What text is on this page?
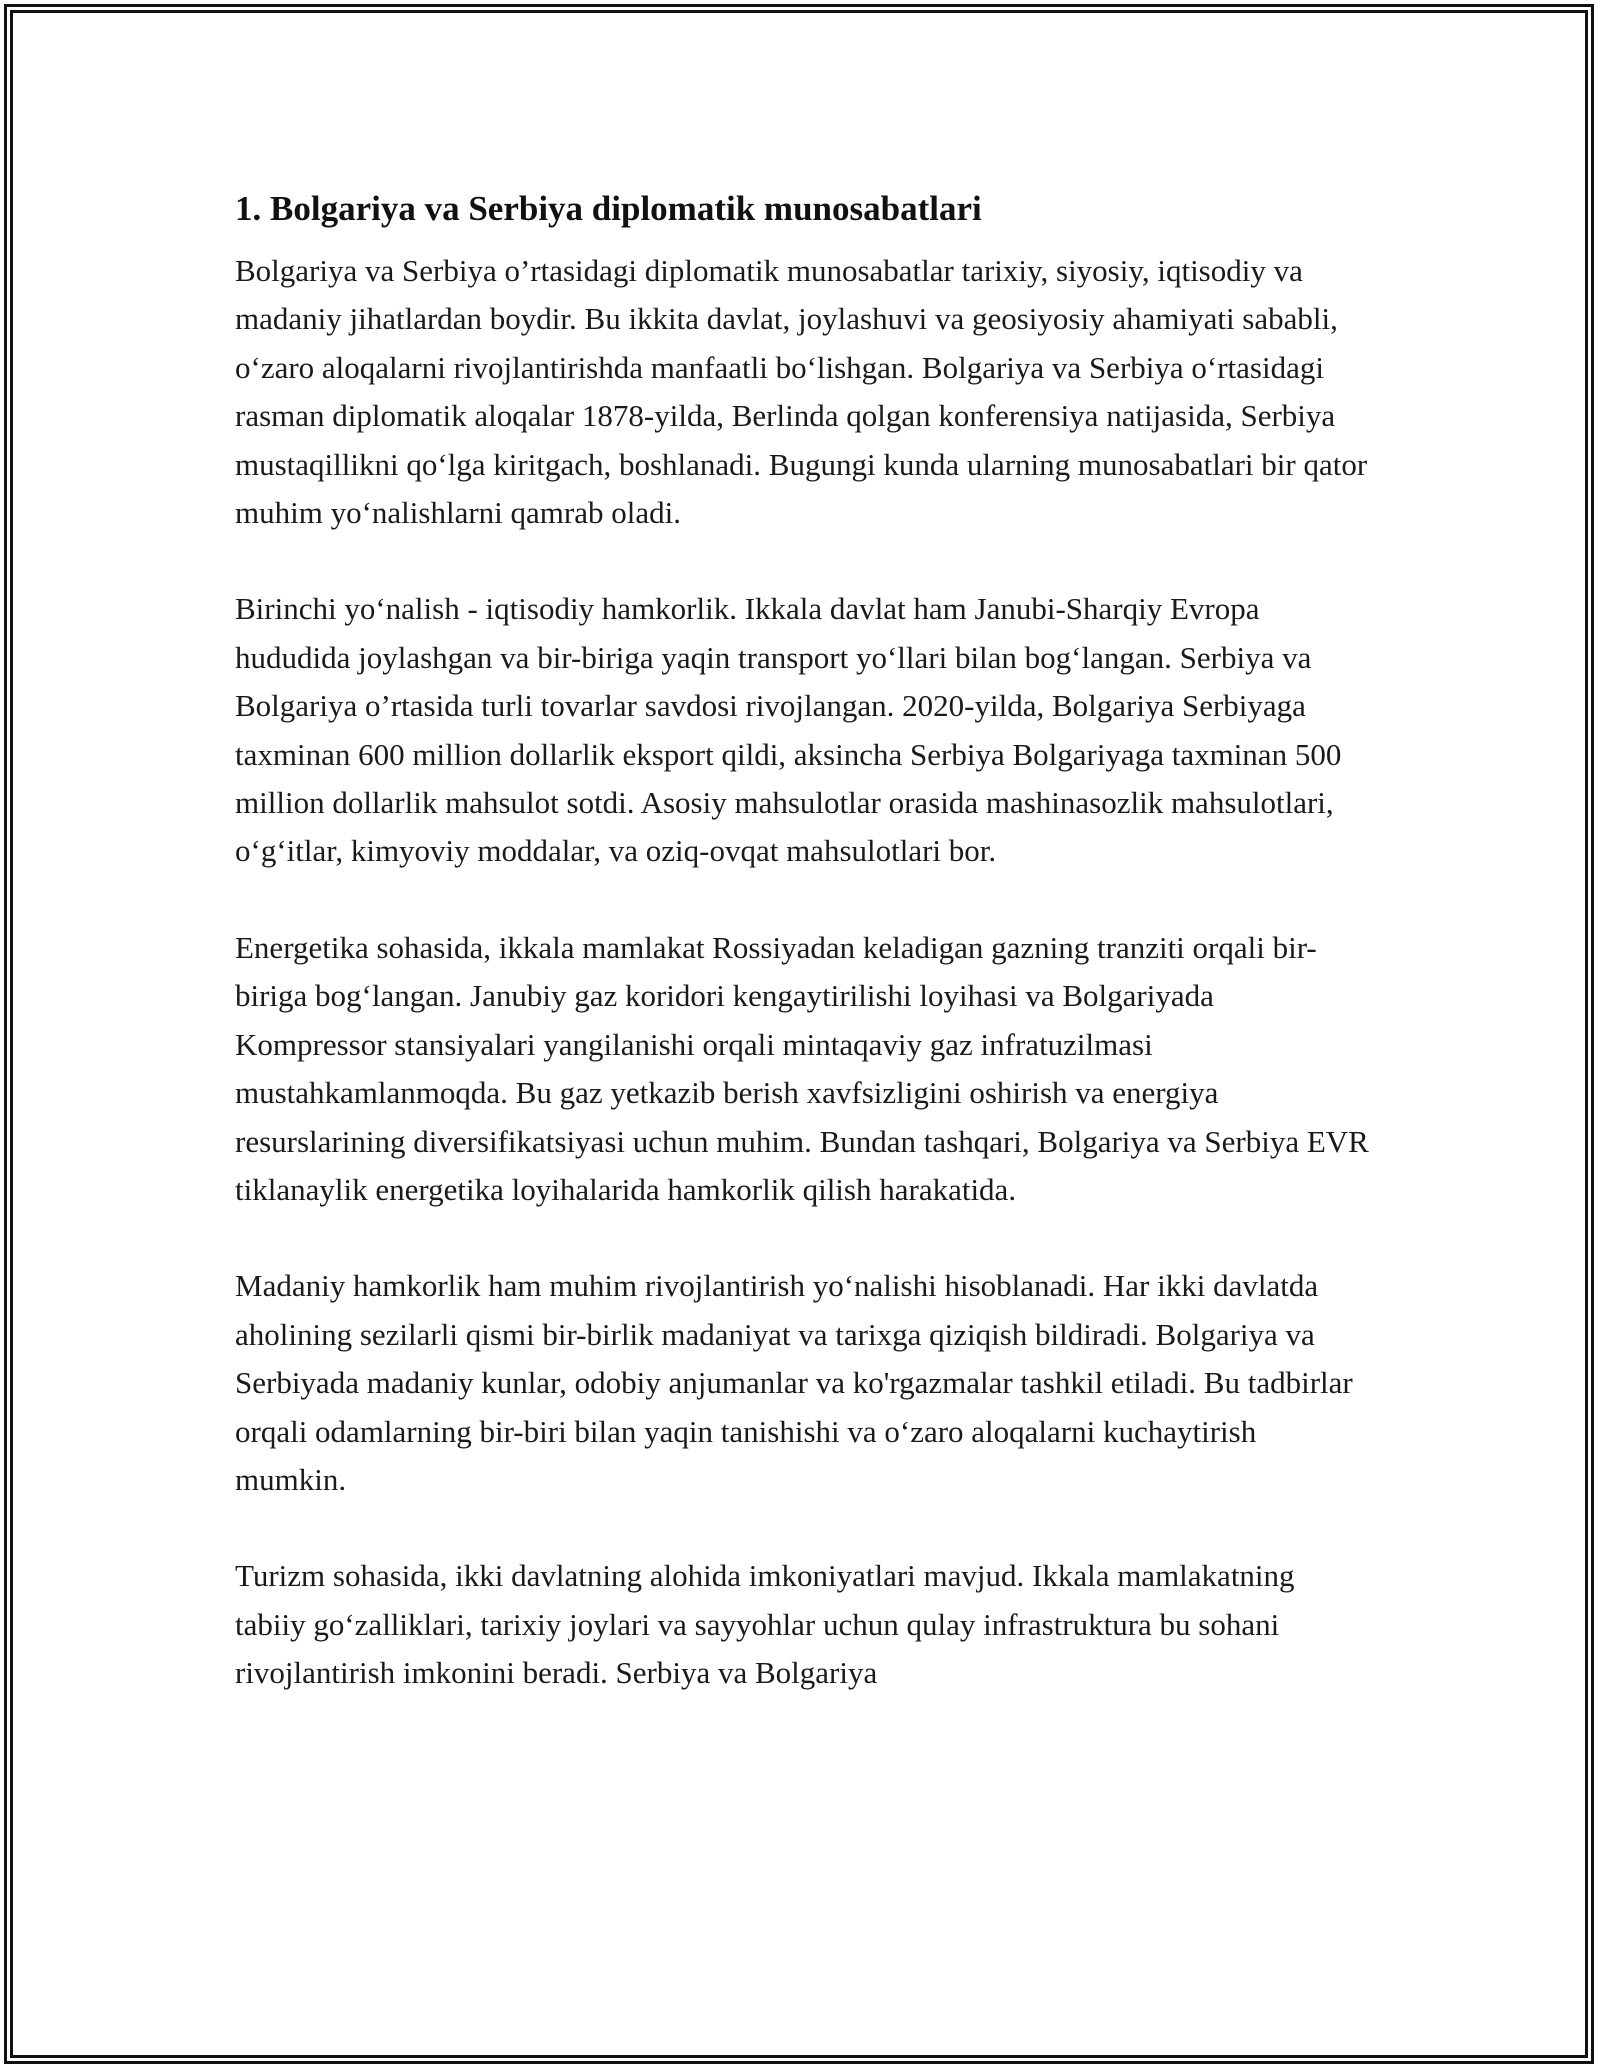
1. Bolgariya va Serbiya diplomatik munosabatlari

Bolgariya va Serbiya o’rtasidagi diplomatik munosabatlar tarixiy, siyosiy, iqtisodiy va madaniy jihatlardan boydir. Bu ikkita davlat, joylashuvi va geosiyosiy ahamiyati sababli, o‘zaro aloqalarni rivojlantirishda manfaatli bo‘lishgan. Bolgariya va Serbiya o‘rtasidagi rasman diplomatik aloqalar 1878-yilda, Berlinda qolgan konferensiya natijasida, Serbiya mustaqillikni qo‘lga kiritgach, boshlanadi. Bugungi kunda ularning munosabatlari bir qator muhim yo‘nalishlarni qamrab oladi.

Birinchi yo‘nalish - iqtisodiy hamkorlik. Ikkala davlat ham Janubi-Sharqiy Evropa hududida joylashgan va bir-biriga yaqin transport yo‘llari bilan bog‘langan. Serbiya va Bolgariya o’rtasida turli tovarlar savdosi rivojlangan. 2020-yilda, Bolgariya Serbiyaga taxminan 600 million dollarlik eksport qildi, aksincha Serbiya Bolgariyaga taxminan 500 million dollarlik mahsulot sotdi. Asosiy mahsulotlar orasida mashinasozlik mahsulotlari, o‘g‘itlar, kimyoviy moddalar, va oziq-ovqat mahsulotlari bor.

Energetika sohasida, ikkala mamlakat Rossiyadan keladigan gazning tranziti orqali bir-biriga bog‘langan. Janubiy gaz koridori kengaytirilishi loyihasi va Bolgariyada Kompressor stansiyalari yangilanishi orqali mintaqaviy gaz infratuzilmasi mustahkamlanmoqda. Bu gaz yetkazib berish xavfsizligini oshirish va energiya resurslarining diversifikatsiyasi uchun muhim. Bundan tashqari, Bolgariya va Serbiya EVR tiklanaylik energetika loyihalarida hamkorlik qilish harakatida.

Madaniy hamkorlik ham muhim rivojlantirish yo‘nalishi hisoblanadi. Har ikki davlatda aholining sezilarli qismi bir-birlik madaniyat va tarixga qiziqish bildiradi. Bolgariya va Serbiyada madaniy kunlar, odobiy anjumanlar va ko'rgazmalar tashkil etiladi. Bu tadbirlar orqali odamlarning bir-biri bilan yaqin tanishishi va o‘zaro aloqalarni kuchaytirish mumkin.

Turizm sohasida, ikki davlatning alohida imkoniyatlari mavjud. Ikkala mamlakatning tabiiy go‘zalliklari, tarixiy joylari va sayyohlar uchun qulay infrastruktura bu sohani rivojlantirish imkonini beradi. Serbiya va Bolgariya
